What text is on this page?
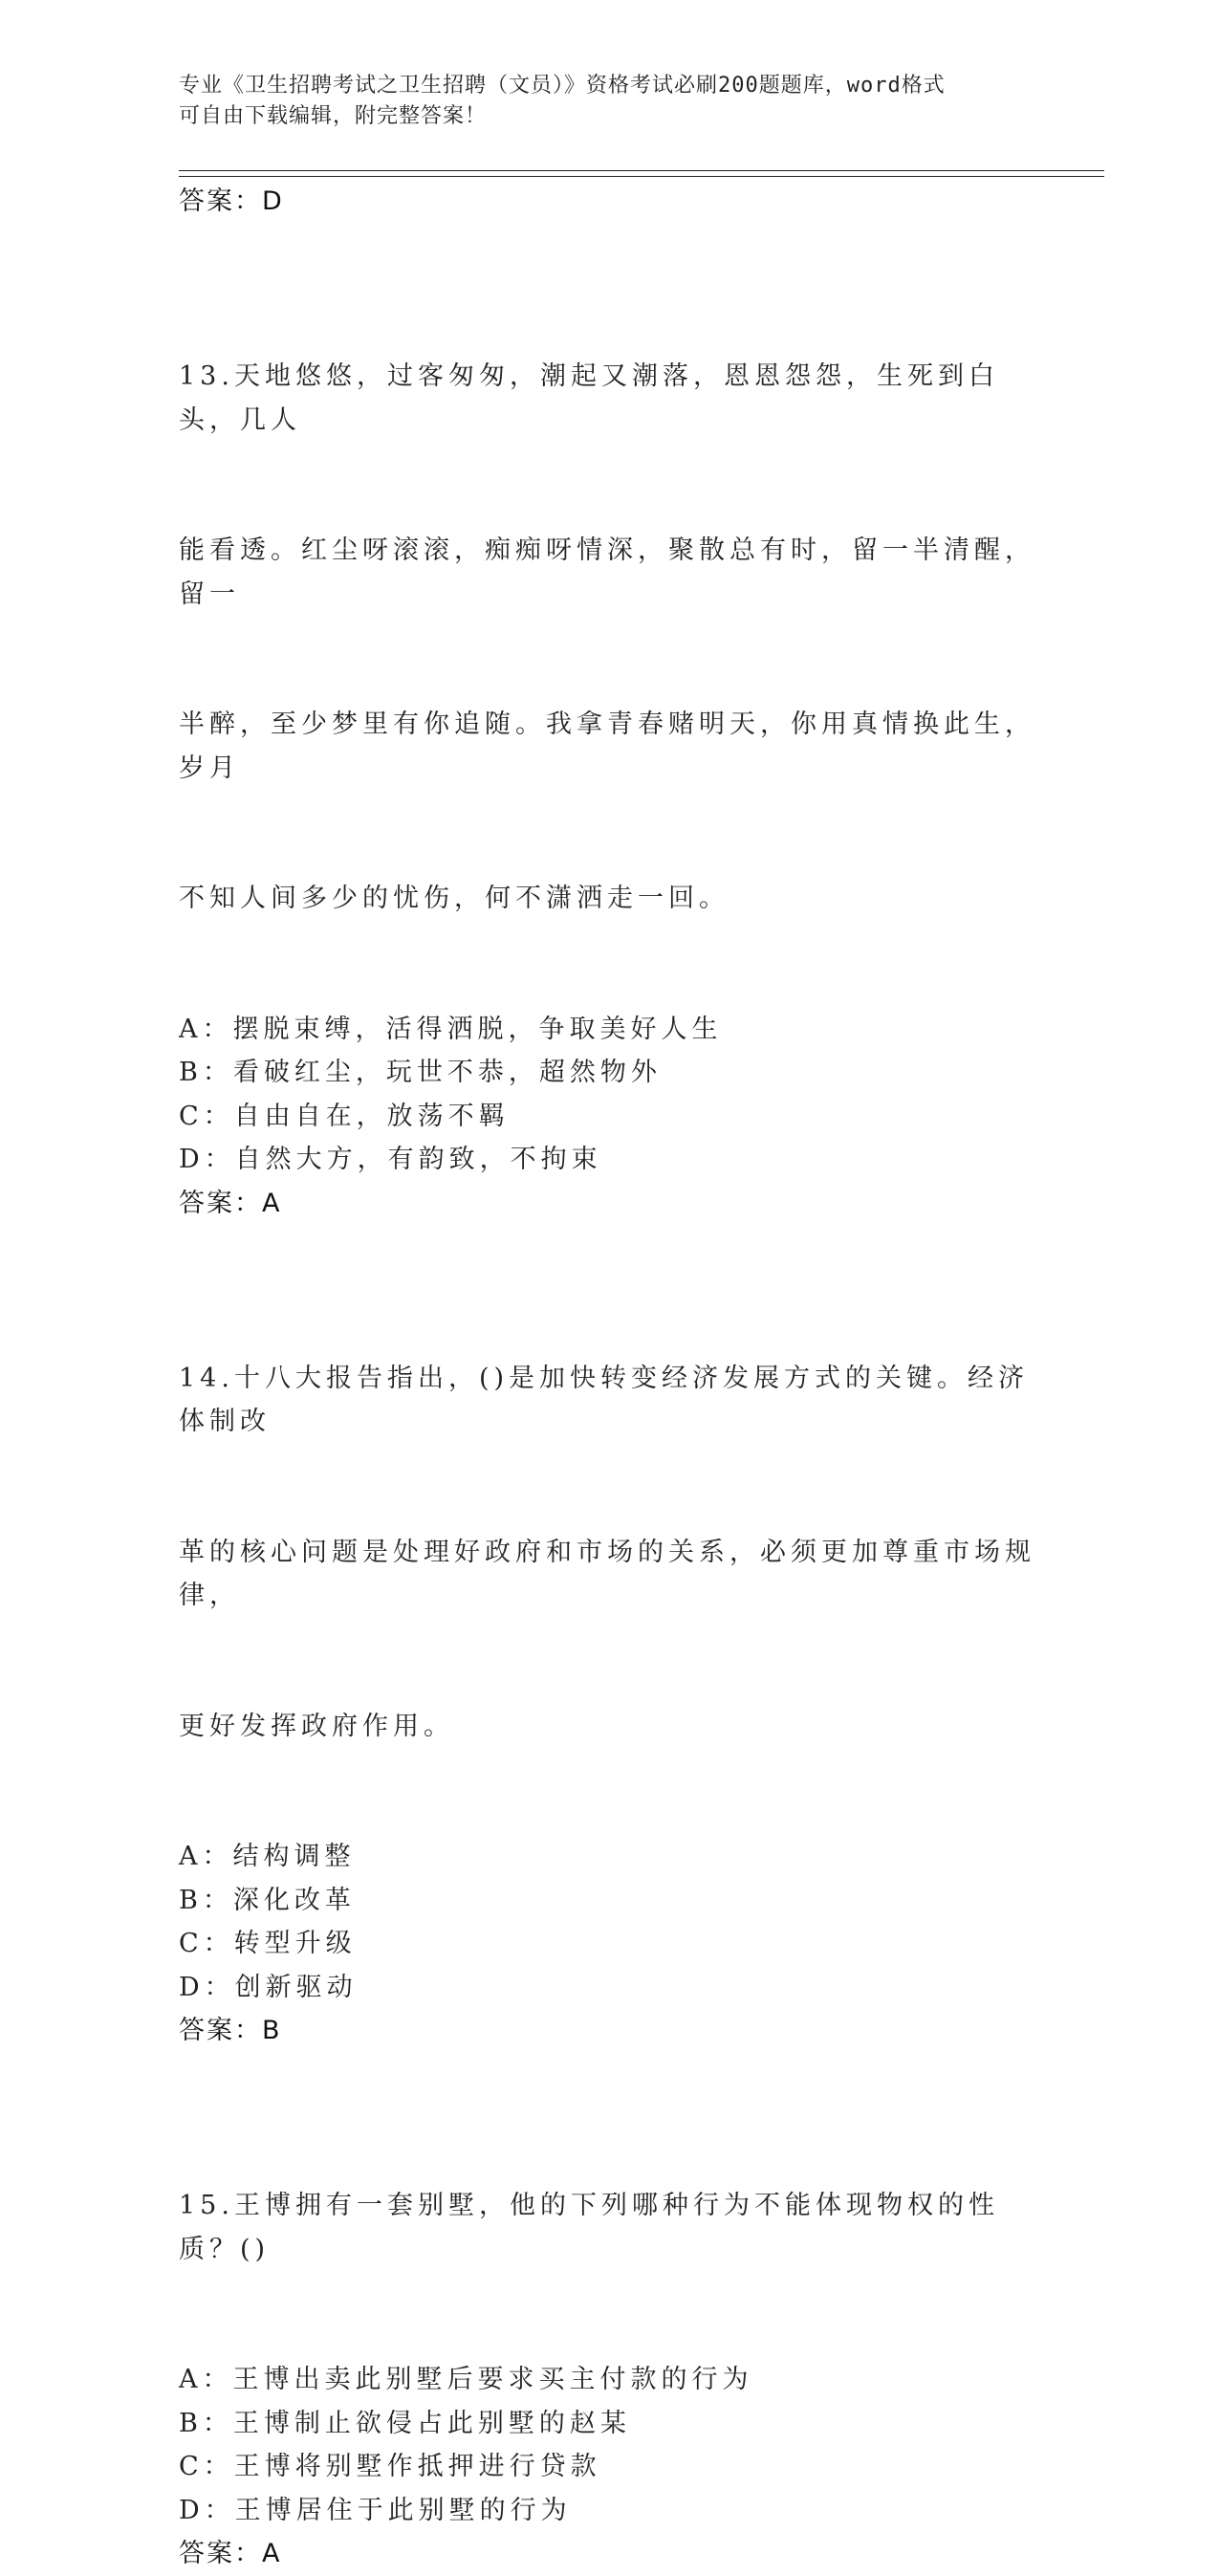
专业《卫生招聘考试之卫生招聘（文员）》资格考试必刷200题题库，word格式
可自由下载编辑，附完整答案！
答案：D

13.天地悠悠，过客匆匆，潮起又潮落，恩恩怨怨，生死到白头，几人

能看透。红尘呀滚滚，痴痴呀情深，聚散总有时，留一半清醒，留一

半醉，至少梦里有你追随。我拿青春赌明天，你用真情换此生，岁月

不知人间多少的忧伤，何不潇洒走一回。

A：摆脱束缚，活得洒脱，争取美好人生
B：看破红尘，玩世不恭，超然物外
C：自由自在，放荡不羁
D：自然大方，有韵致，不拘束
答案：A

14.十八大报告指出，()是加快转变经济发展方式的关键。经济体制改

革的核心问题是处理好政府和市场的关系，必须更加尊重市场规律，

更好发挥政府作用。

A：结构调整
B：深化改革
C：转型升级
D：创新驱动
答案：B

15.王博拥有一套别墅，他的下列哪种行为不能体现物权的性质？()

A：王博出卖此别墅后要求买主付款的行为
B：王博制止欲侵占此别墅的赵某
C：王博将别墅作抵押进行贷款
D：王博居住于此别墅的行为
答案：A
